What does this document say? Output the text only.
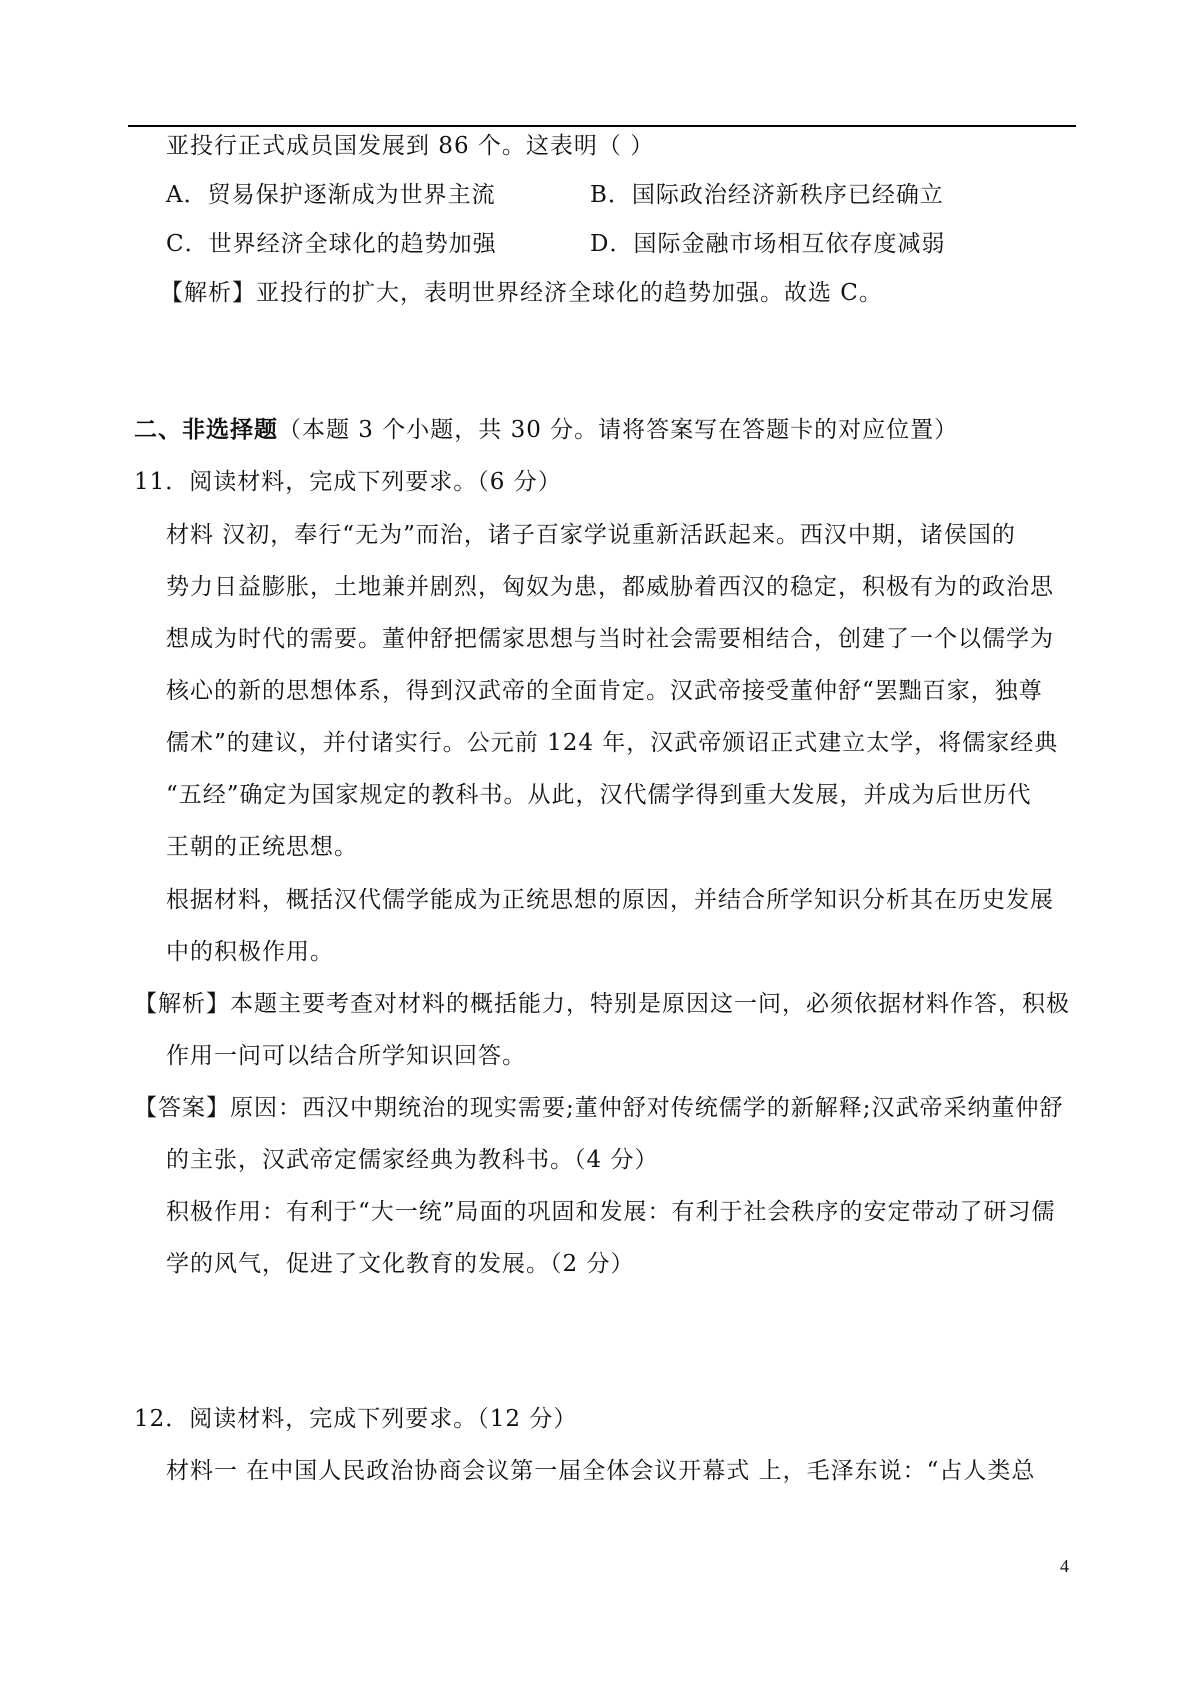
亚投行正式成员国发展到 86 个。这表明（ ）
A．贸易保护逐渐成为世界主流	B．国际政治经济新秩序已经确立
C．世界经济全球化的趋势加强	D．国际金融市场相互依存度减弱
【解析】亚投行的扩大，表明世界经济全球化的趋势加强。故选 C。
二、非选择题（本题 3 个小题，共 30 分。请将答案写在答题卡的对应位置）
11．阅读材料，完成下列要求。（6 分）
材料 汉初，奉行“无为”而治，诸子百家学说重新活跃起来。西汉中期，诸侯国的
势力日益膨胀，土地兼并剧烈，匈奴为患，都威胁着西汉的稳定，积极有为的政治思
想成为时代的需要。董仲舒把儒家思想与当时社会需要相结合，创建了一个以儒学为
核心的新的思想体系，得到汉武帝的全面肯定。汉武帝接受董仲舒“罢黜百家，独尊
儒术”的建议，并付诸实行。公元前 124 年，汉武帝颁诏正式建立太学，将儒家经典
“五经”确定为国家规定的教科书。从此，汉代儒学得到重大发展，并成为后世历代
王朝的正统思想。
根据材料，概括汉代儒学能成为正统思想的原因，并结合所学知识分析其在历史发展
中的积极作用。
【解析】本题主要考查对材料的概括能力，特别是原因这一问，必须依据材料作答，积极
作用一问可以结合所学知识回答。
【答案】原因：西汉中期统治的现实需要;董仲舒对传统儒学的新解释;汉武帝采纳董仲舒
的主张，汉武帝定儒家经典为教科书。（4 分）
积极作用：有利于“大一统”局面的巩固和发展：有利于社会秩序的安定带动了研习儒
学的风气，促进了文化教育的发展。（2 分）
12．阅读材料，完成下列要求。（12 分）
材料一 在中国人民政治协商会议第一届全体会议开幕式 上，毛泽东说：“占人类总
4
